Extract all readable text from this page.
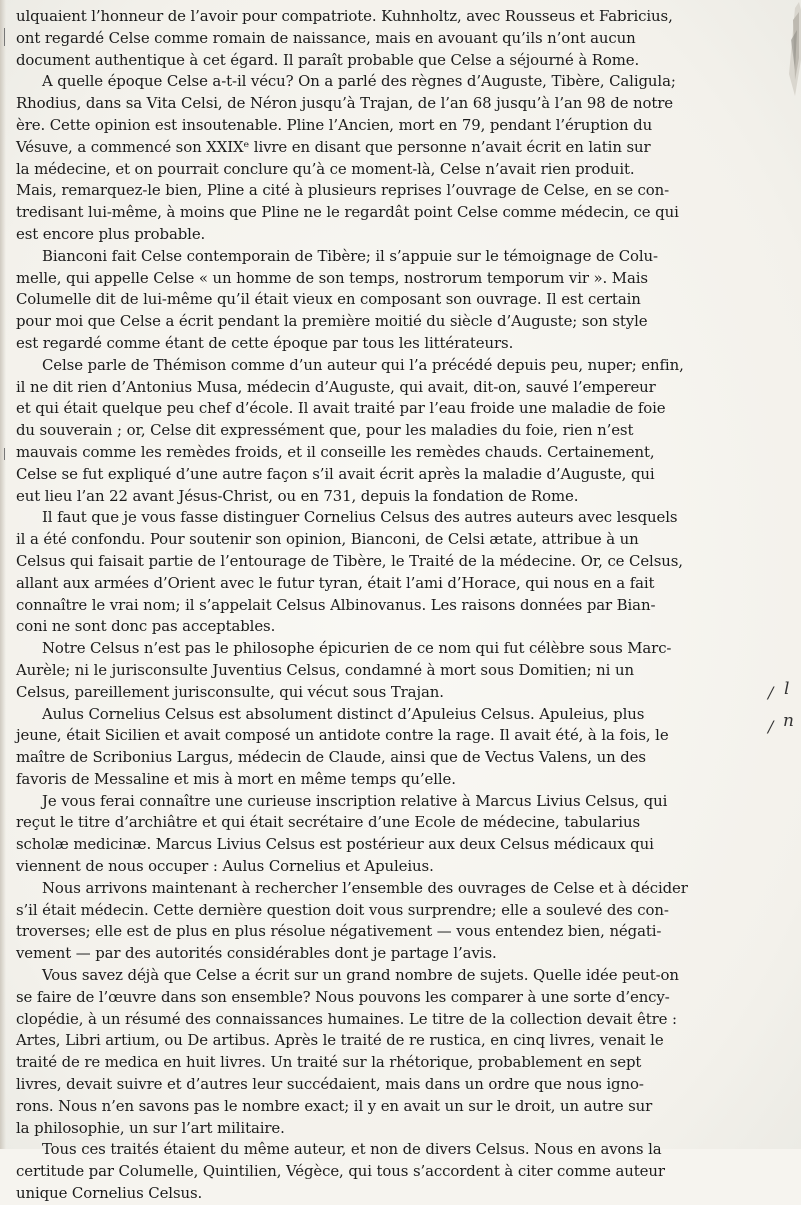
ulquaient l’honneur de l’avoir pour compatriote. Kuhnholtz, avec Rousseus et Fabricius,
ont regardé Celse comme romain de naissance, mais en avouant qu’ils n’ont aucun
document authentique à cet égard. Il paraît probable que Celse a séjourné à Rome.
A quelle époque Celse a-t-il vécu? On a parlé des règnes d’Auguste, Tibère, Caligula;
Rhodius, dans sa Vita Celsi, de Néron jusqu’à Trajan, de l’an 68 jusqu’à l’an 98 de notre
ère. Cette opinion est insoutenable. Pline l’Ancien, mort en 79, pendant l’éruption du
Vésuve, a commencé son XXIXᵉ livre en disant que personne n’avait écrit en latin sur
la médecine, et on pourrait conclure qu’à ce moment-là, Celse n’avait rien produit.
Mais, remarquez-le bien, Pline a cité à plusieurs reprises l’ouvrage de Celse, en se con-
tredisant lui-même, à moins que Pline ne le regardât point Celse comme médecin, ce qui
est encore plus probable.
Bianconi fait Celse contemporain de Tibère; il s’appuie sur le témoignage de Colu-
melle, qui appelle Celse « un homme de son temps, nostrorum temporum vir ». Mais
Columelle dit de lui-même qu’il était vieux en composant son ouvrage. Il est certain
pour moi que Celse a écrit pendant la première moitié du siècle d’Auguste; son style
est regardé comme étant de cette époque par tous les littérateurs.
Celse parle de Thémison comme d’un auteur qui l’a précédé depuis peu, nuper; enfin,
il ne dit rien d’Antonius Musa, médecin d’Auguste, qui avait, dit-on, sauvé l’empereur
et qui était quelque peu chef d’école. Il avait traité par l’eau froide une maladie de foie
du souverain ; or, Celse dit expressément que, pour les maladies du foie, rien n’est
mauvais comme les remèdes froids, et il conseille les remèdes chauds. Certainement,
Celse se fut expliqué d’une autre façon s’il avait écrit après la maladie d’Auguste, qui
eut lieu l’an 22 avant Jésus-Christ, ou en 731, depuis la fondation de Rome.
Il faut que je vous fasse distinguer Cornelius Celsus des autres auteurs avec lesquels
il a été confondu. Pour soutenir son opinion, Bianconi, de Celsi ætate, attribue à un
Celsus qui faisait partie de l’entourage de Tibère, le Traité de la médecine. Or, ce Celsus,
allant aux armées d’Orient avec le futur tyran, était l’ami d’Horace, qui nous en a fait
connaître le vrai nom; il s’appelait Celsus Albinovanus. Les raisons données par Bian-
coni ne sont donc pas acceptables.
Notre Celsus n’est pas le philosophe épicurien de ce nom qui fut célèbre sous Marc-
Aurèle; ni le jurisconsulte Juventius Celsus, condamné à mort sous Domitien; ni un
Celsus, pareillement jurisconsulte, qui vécut sous Trajan.
Aulus Cornelius Celsus est absolument distinct d’Apuleius Celsus. Apuleius, plus
jeune, était Sicilien et avait composé un antidote contre la rage. Il avait été, à la fois, le
maître de Scribonius Largus, médecin de Claude, ainsi que de Vectus Valens, un des
favoris de Messaline et mis à mort en même temps qu’elle.
Je vous ferai connaître une curieuse inscription relative à Marcus Livius Celsus, qui
reçut le titre d’archiâtre et qui était secrétaire d’une Ecole de médecine, tabularius
scholæ medicinæ. Marcus Livius Celsus est postérieur aux deux Celsus médicaux qui
viennent de nous occuper : Aulus Cornelius et Apuleius.
Nous arrivons maintenant à rechercher l’ensemble des ouvrages de Celse et à décider
s’il était médecin. Cette dernière question doit vous surprendre; elle a soulevé des con-
troverses; elle est de plus en plus résolue négativement — vous entendez bien, négati-
vement — par des autorités considérables dont je partage l’avis.
Vous savez déjà que Celse a écrit sur un grand nombre de sujets. Quelle idée peut-on
se faire de l’œuvre dans son ensemble? Nous pouvons les comparer à une sorte d’ency-
clopédie, à un résumé des connaissances humaines. Le titre de la collection devait être :
Artes, Libri artium, ou De artibus. Après le traité de re rustica, en cinq livres, venait le
traité de re medica en huit livres. Un traité sur la rhétorique, probablement en sept
livres, devait suivre et d’autres leur succédaient, mais dans un ordre que nous igno-
rons. Nous n’en savons pas le nombre exact; il y en avait un sur le droit, un autre sur
la philosophie, un sur l’art militaire.
Tous ces traités étaient du même auteur, et non de divers Celsus. Nous en avons la
certitude par Columelle, Quintilien, Végèce, qui tous s’accordent à citer comme auteur
unique Cornelius Celsus.
/ l
/ n
